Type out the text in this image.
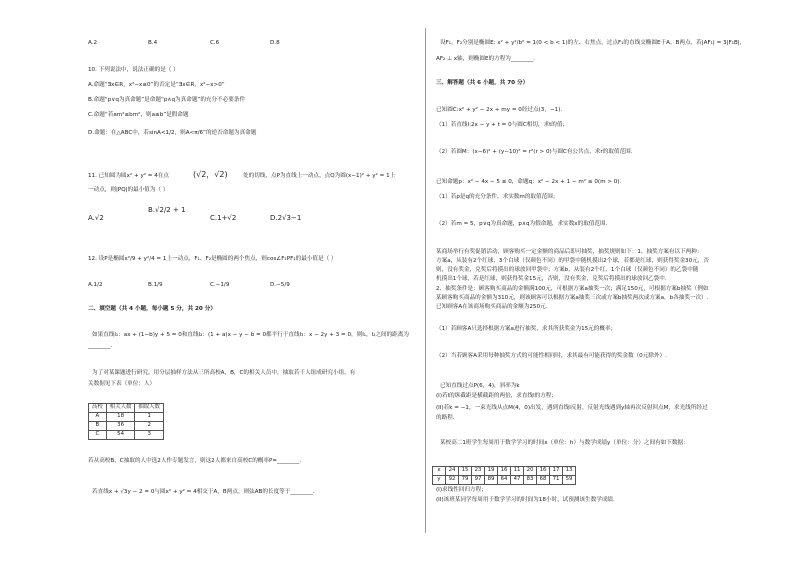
A.2	B.4	C.6	D.8
10. 下列说法中，说法正确的是（ ）
A.命题“∃x∈R，x²−x≤0”的否定是“∃x∈R，x²−x>0”
B.命题“p∨q为真命题”是命题“p∧q为真命题”的充分不必要条件
C.命题“若am²≤bm²，则a≤b”是假命题
D.命题：在△ABC中，若sinA<1/2，则A<π/6”的逆否命题为真命题
11. 已知圆为圆x² + y² = 4在点	(√2，√2)	处的切线，点P为直线上一动点，点Q为圆(x−1)² + y² = 1上
一动点，则|PQ|的最小值为（ ）
A.√2
B.√2/2 + 1
C.1+√2	D.2√3−1
12. 设P是椭圆x²/9 + y²/4 = 1上一动点，F₁、F₂是椭圆的两个焦点，则cos∠F₁PF₂的最小值是（ ）
A.1/2	B.1/9	C.−1/9	D.−5/9
二、填空题（共 4 小题，每小题 5 分，共 20 分）
如果直线l₁：ax + (1−b)y + 5 = 0和直线l₂：(1 + a)x − y − b = 0都平行于直线l₃：x − 2y + 3 = 0，则l₁，l₂之间的距离为
________.
为了对某课题进行研究，用分层抽样方法从三所高校A，B，C的相关人员中，抽取若干人组成研究小组，有
关数据见下表（单位：人）
高校	相关人数	抽取人数
A	18	1
B	36	2
C	54	3
若从高校B，C抽取的人中选2人作专题发言，则这2人都来自高校C的概率P=________.
若直线x + √3y − 2 = 0与圆x² + y² = 4相交于A，B两点，则弦AB的长度等于________.
设F₁，F₂分别是椭圆E: x² + y²/b² = 1(0 < b < 1)的左、右焦点，过点F₁的直线交椭圆E于A、B两点，若|AF₁| = 3|F₁B|，
AF₂ ⊥ x轴，则椭圆E的方程为________.
三、解答题（共 6 小题，共 70 分）
已知圆C:x² + y² − 2x + my = 0经过点(3，−1).
（1）若直线l:2x − y + t = 0与圆C相切，求t的值；
（2）若圆M：(x−6)² + (y−10)² = r²(r > 0)与圆C有公共点，求r的取值范围.
已知命题p：x² − 4x − 5 ≤ 0，命题q：x² − 2x + 1 − m² ≤ 0(m > 0).
（1）若p是q的充分条件，求实数m的取值范围；
（2）若m = 5，p∨q为真命题，p∧q为假命题，求实数x的取值范围.
某商场举行有奖促销活动，顾客购买一定金额的商品后即可抽奖，抽奖规则如下：1、抽奖方案有以下两种：
方案a，从装有2个红球、3个白球（仅颜色不同）的甲袋中随机摸出2个球，若都是红球，则获得奖金30元，否
则，没有奖金，兑奖后将摸出的球放回甲袋中；方案b，从装有2个红、1个白球（仅颜色不同）的乙袋中随
机摸出1个球，若是红球，则获得奖金15元，否则，没有奖金，兑奖后将摸出的球放回乙袋中.
2、抽奖条件是：顾客购买商品的金额满100元，可根据方案a抽奖一次；满足150元，可根据方案b抽奖（例如
某顾客购买商品的金额为310元，则该顾客可以根据方案a抽奖三次或方案b抽奖两次或方案a，b各抽奖一次）.
已知顾客A在该商场购买商品的金额为250元.
（1）若顾客A只选择根据方案a进行抽奖，求其所获奖金为15元的概率；
（2）当若顾客A采用每种抽奖方式的可能性相同时，求其最有可能获得的奖金数（0元除外）.
已知直线过点P(6，4)，斜率为k
(I)若l的纵截距是横截距的两倍，求直线l的方程；
(II)若k = −1，一束光线从点M(4，0)出发，遇到直线l反射，反射光线遇到y轴再次反射回点M，求光线所经过
的路程.
某校高二1班学生每周用于数学学习的时间x（单位：h）与数学成绩y（单位：分）之间有如下数据：
x	24	15	23	19	16	11	20	16	17	13
y	92	79	97	89	64	47	83	68	71	59
(I)求线性回归方程；
(II)该班某同学每周用于数学学习的时间为18小时，试预测该生数学成绩.
